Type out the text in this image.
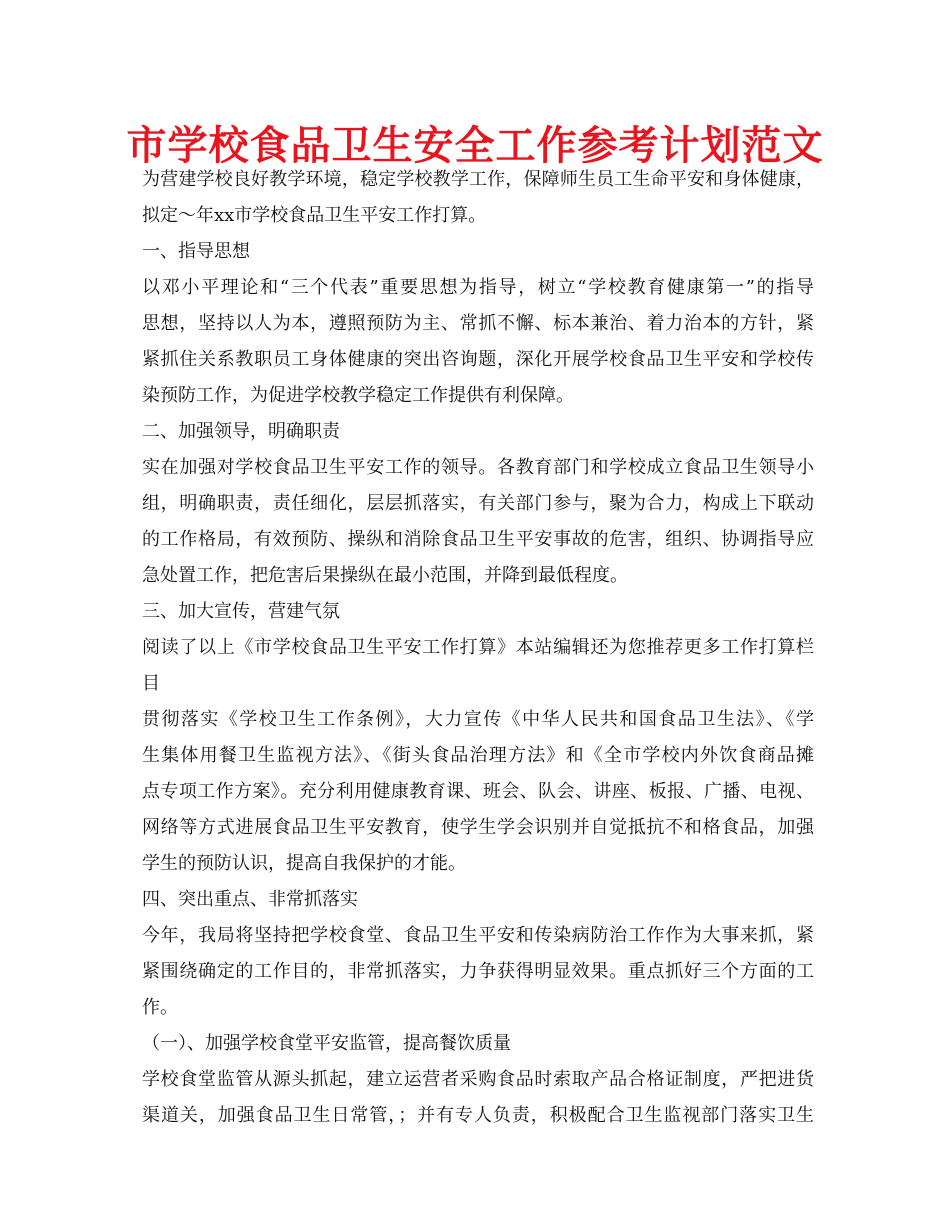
市学校食品卫生安全工作参考计划范文
为营建学校良好教学环境，稳定学校教学工作，保障师生员工生命平安和身体健康，
拟定～年xx市学校食品卫生平安工作打算。
一、指导思想
以邓小平理论和“三个代表”重要思想为指导，树立“学校教育健康第一”的指导
思想，坚持以人为本，遵照预防为主、常抓不懈、标本兼治、着力治本的方针，紧
紧抓住关系教职员工身体健康的突出咨询题，深化开展学校食品卫生平安和学校传
染预防工作，为促进学校教学稳定工作提供有利保障。
二、加强领导，明确职责
实在加强对学校食品卫生平安工作的领导。各教育部门和学校成立食品卫生领导小
组，明确职责，责任细化，层层抓落实，有关部门参与，聚为合力，构成上下联动
的工作格局，有效预防、操纵和消除食品卫生平安事故的危害，组织、协调指导应
急处置工作，把危害后果操纵在最小范围，并降到最低程度。
三、加大宣传，营建气氛
阅读了以上《市学校食品卫生平安工作打算》本站编辑还为您推荐更多工作打算栏
目
贯彻落实《学校卫生工作条例》，大力宣传《中华人民共和国食品卫生法》、《学
生集体用餐卫生监视方法》、《街头食品治理方法》和《全市学校内外饮食商品摊
点专项工作方案》。充分利用健康教育课、班会、队会、讲座、板报、广播、电视、
网络等方式进展食品卫生平安教育，使学生学会识别并自觉抵抗不和格食品，加强
学生的预防认识，提高自我保护的才能。
四、突出重点、非常抓落实
今年，我局将坚持把学校食堂、食品卫生平安和传染病防治工作作为大事来抓，紧
紧围绕确定的工作目的，非常抓落实，力争获得明显效果。重点抓好三个方面的工
作。
（一）、加强学校食堂平安监管，提高餐饮质量
学校食堂监管从源头抓起，建立运营者采购食品时索取产品合格证制度，严把进货
渠道关，加强食品卫生日常管，；并有专人负责，积极配合卫生监视部门落实卫生
